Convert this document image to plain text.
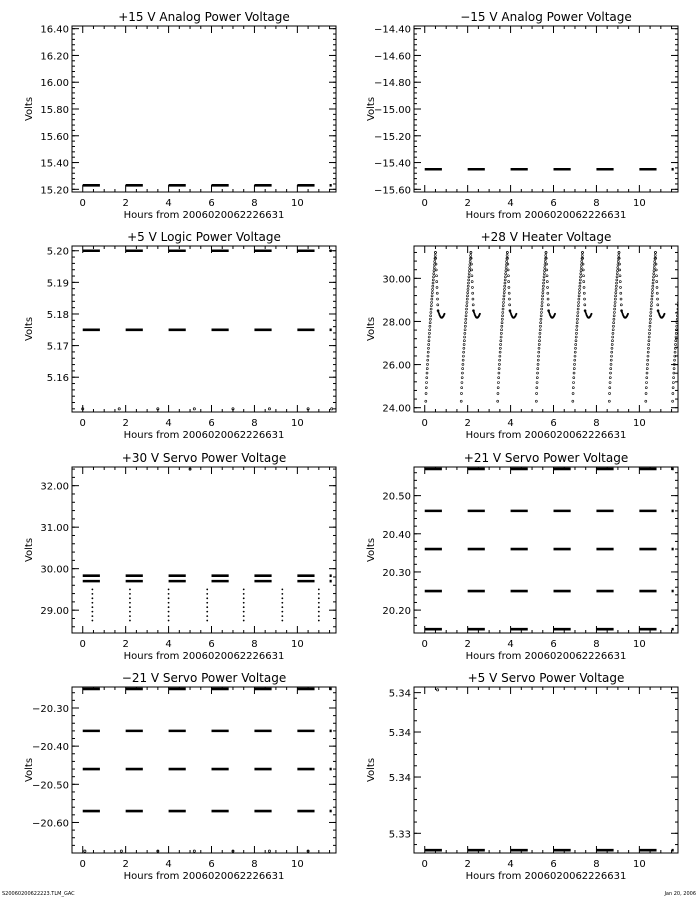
+15 V Analog Power Voltage
0	2	4	6	8	10
15.20
15.40
15.60
15.80
16.00
16.20
16.40
Hours from 2006020062226631
Volts
−15 V Analog Power Voltage
0	2	4	6	8	10
−14.40
−14.60
−14.80
−15.00
−15.20
−15.40
−15.60
Hours from 2006020062226631
Volts
+5 V Logic Power Voltage
0	2	4	6	8	10
5.16
5.17
5.18
5.19
5.20
Hours from 2006020062226631
Volts
+28 V Heater Voltage
0	2	4	6	8	10
24.00
26.00
28.00
30.00
Hours from 2006020062226631
Volts
+30 V Servo Power Voltage
0	2	4	6	8	10
29.00
30.00
31.00
32.00
Hours from 2006020062226631
Volts
+21 V Servo Power Voltage
0	2	4	6	8	10
20.20
20.30
20.40
20.50
Hours from 2006020062226631
Volts
−21 V Servo Power Voltage
0	2	4	6	8	10
−20.30
−20.40
−20.50
−20.60
Hours from 2006020062226631
Volts
+5 V Servo Power Voltage
0	2	4	6	8	10
5.33
5.34
5.34
5.34
Hours from 2006020062226631
Volts
S20060200622223.TLM_GAC	Jan 20, 2006
